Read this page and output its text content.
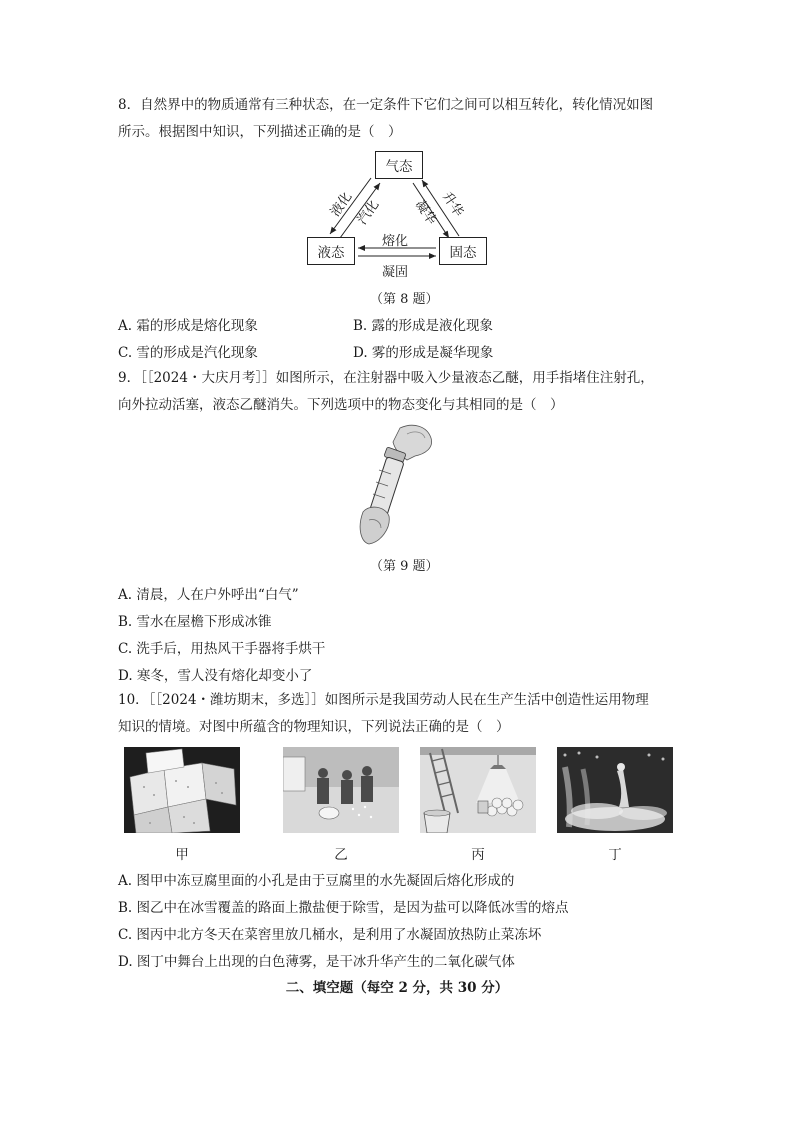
8．自然界中的物质通常有三种状态，在一定条件下它们之间可以相互转化，转化情况如图
所示。根据图中知识，下列描述正确的是（　）
气态
液态	固态
液化 汽化	升华
凝华
熔化
凝固
（第 8 题）
A. 霜的形成是熔化现象	B. 露的形成是液化现象
C. 雪的形成是汽化现象	D. 雾的形成是凝华现象
9．［［2024・大庆月考］］如图所示，在注射器中吸入少量液态乙醚，用手指堵住注射孔，
向外拉动活塞，液态乙醚消失。下列选项中的物态变化与其相同的是（　）
（第 9 题）
A. 清晨，人在户外呼出“白气”
B. 雪水在屋檐下形成冰锥
C. 洗手后，用热风干手器将手烘干
D. 寒冬，雪人没有熔化却变小了
10．［［2024・潍坊期末，多选］］如图所示是我国劳动人民在生产生活中创造性运用物理
知识的情境。对图中所蕴含的物理知识，下列说法正确的是（　）
甲	乙	丙	丁
A. 图甲中冻豆腐里面的小孔是由于豆腐里的水先凝固后熔化形成的
B. 图乙中在冰雪覆盖的路面上撒盐便于除雪，是因为盐可以降低冰雪的熔点
C. 图丙中北方冬天在菜窖里放几桶水，是利用了水凝固放热防止菜冻坏
D. 图丁中舞台上出现的白色薄雾，是干冰升华产生的二氧化碳气体
二、填空题（每空 2 分，共 30 分）
